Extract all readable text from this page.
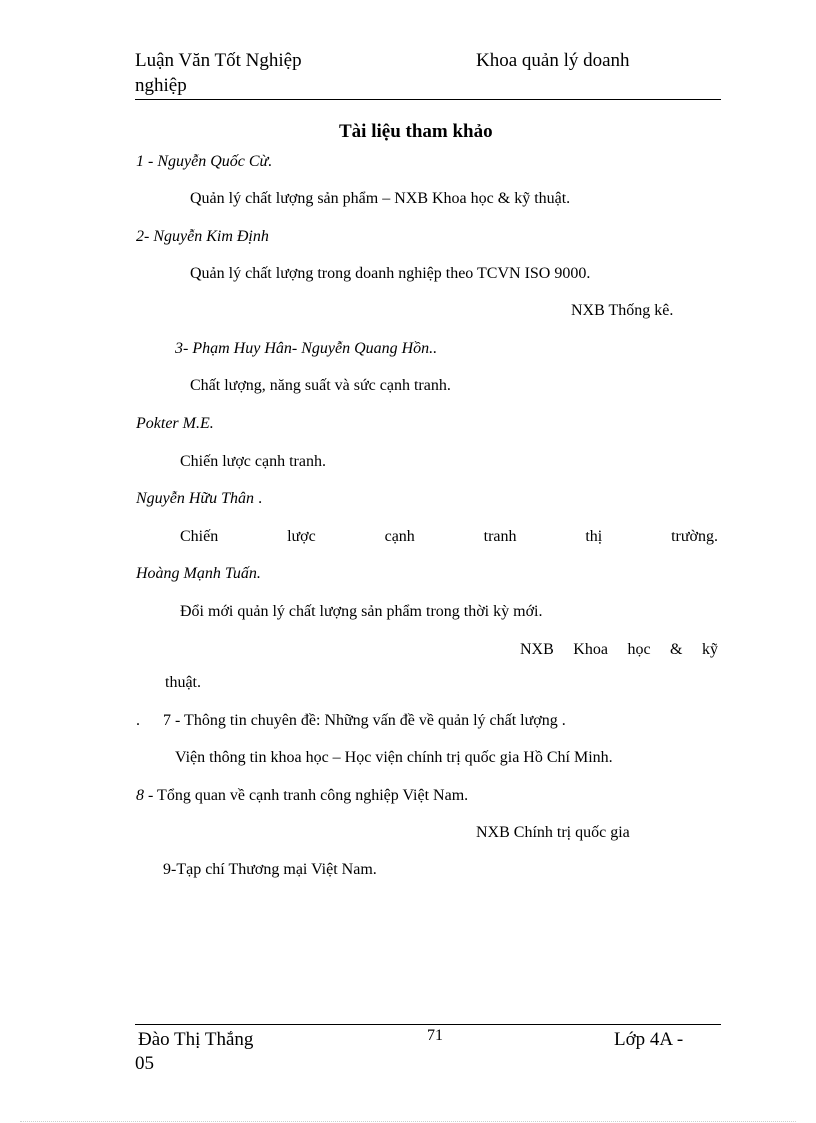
Luận Văn Tốt Nghiệp	Khoa quản lý doanh
nghiệp
Tài liệu tham khảo
1 - Nguyễn Quốc Cừ.
Quản lý chất lượng sản phẩm – NXB Khoa học & kỹ thuật.
2- Nguyễn Kim Định
Quản lý chất lượng trong doanh nghiệp theo TCVN ISO 9000.
NXB Thống kê.
3- Phạm Huy Hân- Nguyễn Quang Hồn..
Chất lượng, năng suất và sức cạnh tranh.
Pokter M.E.
Chiến lược cạnh tranh.
Nguyễn Hữu Thân .
Chiến	lược	cạnh	tranh	thị	trường.
Hoàng Mạnh Tuấn.
Đổi mới quản lý chất lượng sản phẩm trong thời kỳ mới.
NXB Khoa học & kỹ
thuật.
. 7 - Thông tin chuyên đề: Những vấn đề về quản lý chất lượng .
Viện thông tin khoa học – Học viện chính trị quốc gia Hồ Chí Minh.
8 - Tổng quan về cạnh tranh công nghiệp Việt Nam.
NXB Chính trị quốc gia
9-Tạp chí Thương mại Việt Nam.
71
Đào Thị Thắng	Lớp 4A -
05
